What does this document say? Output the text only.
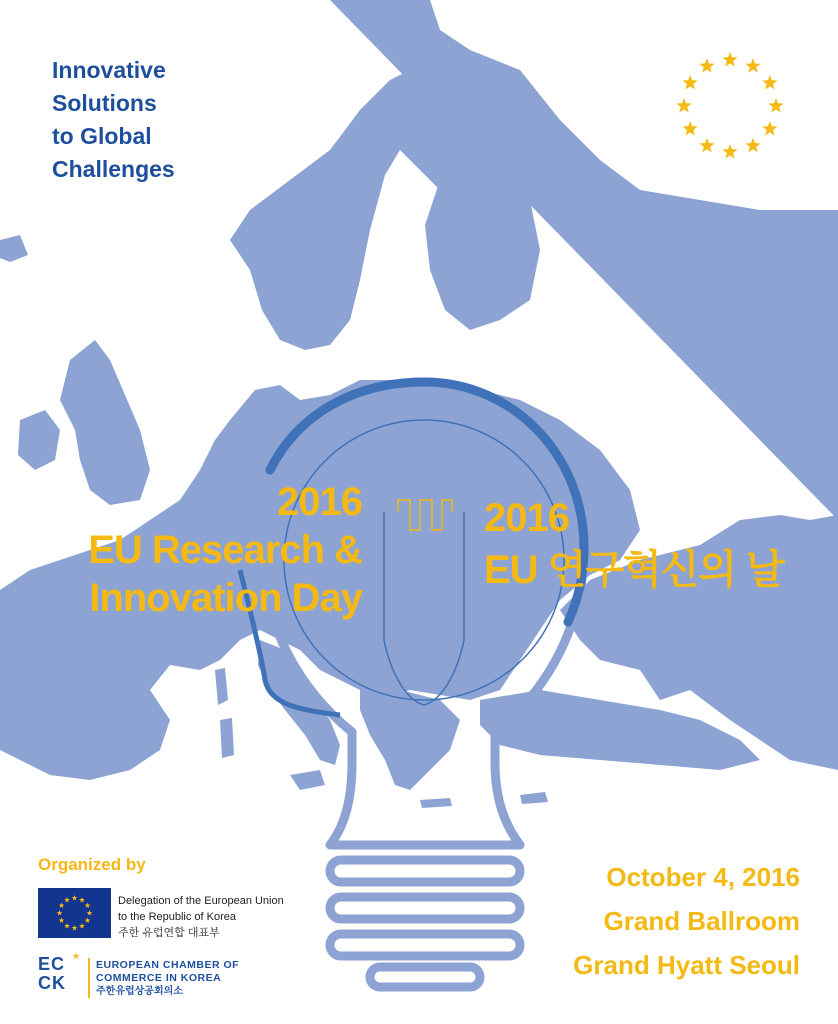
Innovative
Solutions
to Global
Challenges
2016
EU Research &
Innovation Day
2016
EU 연구혁신의 날
Organized by
Delegation of the European Union
to the Republic of Korea
주한 유럽연합 대표부
EC
CK
★
EUROPEAN CHAMBER OF
COMMERCE IN KOREA
주한유럽상공회의소
October 4, 2016
Grand Ballroom
Grand Hyatt Seoul
